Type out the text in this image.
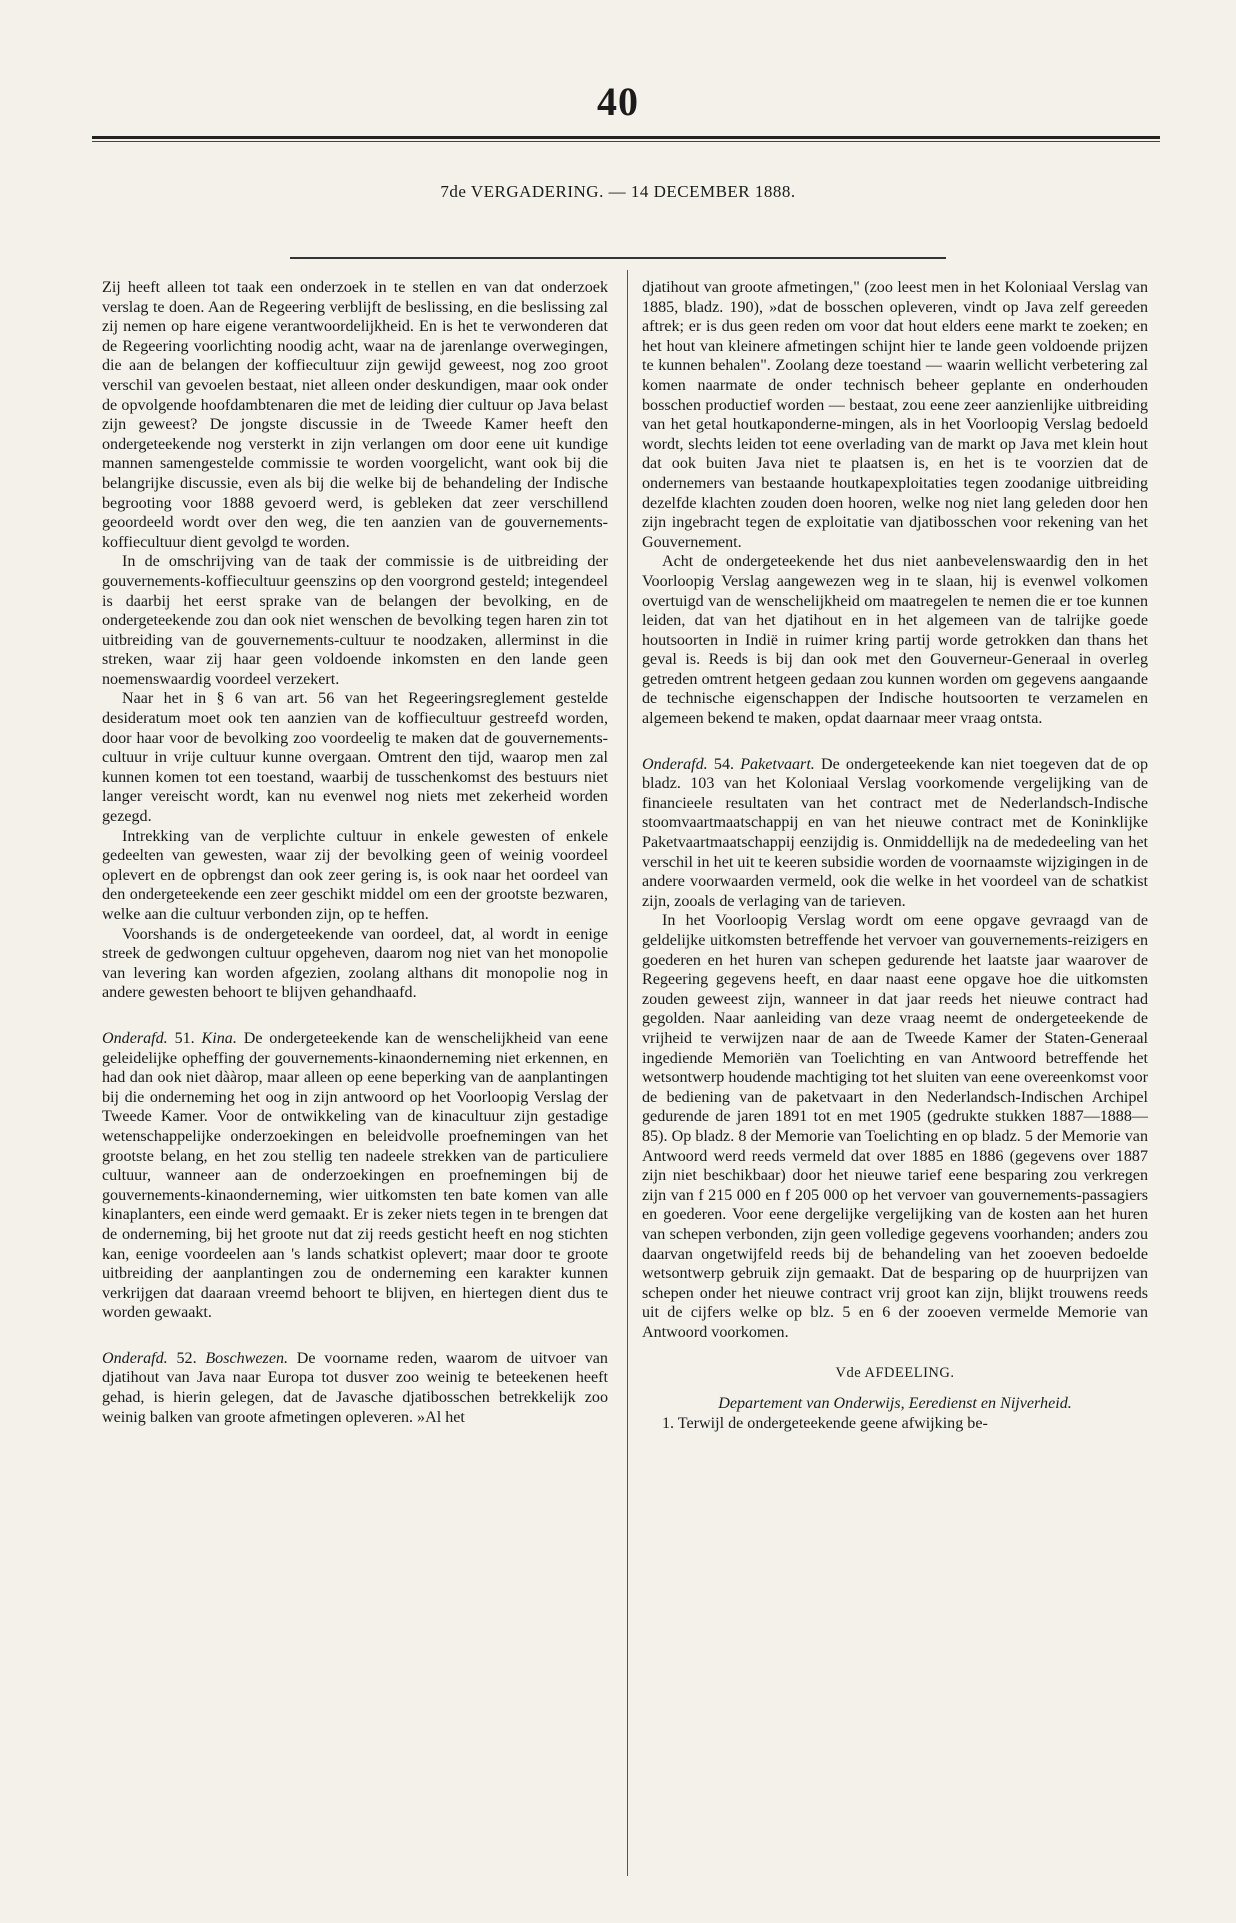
40
7de VERGADERING. — 14 DECEMBER 1888.

Zij heeft alleen tot taak een onderzoek in te stellen en van dat onderzoek verslag te doen. Aan de Regeering verblijft de beslissing, en die beslissing zal zij nemen op hare eigene verantwoordelijkheid. En is het te verwonderen dat de Regeering voorlichting noodig acht, waar na de jarenlange overwegingen, die aan de belangen der koffiecultuur zijn gewijd geweest, nog zoo groot verschil van gevoelen bestaat, niet alleen onder deskundigen, maar ook onder de opvolgende hoofdambtenaren die met de leiding dier cultuur op Java belast zijn geweest? De jongste discussie in de Tweede Kamer heeft den ondergeteekende nog versterkt in zijn verlangen om door eene uit kundige mannen samengestelde commissie te worden voorgelicht, want ook bij die belangrijke discussie, even als bij die welke bij de behandeling der Indische begrooting voor 1888 gevoerd werd, is gebleken dat zeer verschillend geoordeeld wordt over den weg, die ten aanzien van de gouvernements-koffiecultuur dient gevolgd te worden.

In de omschrijving van de taak der commissie is de uitbreiding der gouvernements-koffiecultuur geenszins op den voorgrond gesteld; integendeel is daarbij het eerst sprake van de belangen der bevolking, en de ondergeteekende zou dan ook niet wenschen de bevolking tegen haren zin tot uitbreiding van de gouvernements-cultuur te noodzaken, allerminst in die streken, waar zij haar geen voldoende inkomsten en den lande geen noemenswaardig voordeel verzekert.

Naar het in § 6 van art. 56 van het Regeeringsreglement gestelde desideratum moet ook ten aanzien van de koffiecultuur gestreefd worden, door haar voor de bevolking zoo voordeelig te maken dat de gouvernements-cultuur in vrije cultuur kunne overgaan. Omtrent den tijd, waarop men zal kunnen komen tot een toestand, waarbij de tusschenkomst des bestuurs niet langer vereischt wordt, kan nu evenwel nog niets met zekerheid worden gezegd.

Intrekking van de verplichte cultuur in enkele gewesten of enkele gedeelten van gewesten, waar zij der bevolking geen of weinig voordeel oplevert en de opbrengst dan ook zeer gering is, is ook naar het oordeel van den ondergeteekende een zeer geschikt middel om een der grootste bezwaren, welke aan die cultuur verbonden zijn, op te heffen.

Voorshands is de ondergeteekende van oordeel, dat, al wordt in eenige streek de gedwongen cultuur opgeheven, daarom nog niet van het monopolie van levering kan worden afgezien, zoolang althans dit monopolie nog in andere gewesten behoort te blijven gehandhaafd.

Onderafd. 51. Kina. De ondergeteekende kan de wenschelijkheid van eene geleidelijke opheffing der gouvernements-kinaonderneming niet erkennen, en had dan ook niet dààrop, maar alleen op eene beperking van de aanplantingen bij die onderneming het oog in zijn antwoord op het Voorloopig Verslag der Tweede Kamer. Voor de ontwikkeling van de kinacultuur zijn gestadige wetenschappelijke onderzoekingen en beleidvolle proefnemingen van het grootste belang, en het zou stellig ten nadeele strekken van de particuliere cultuur, wanneer aan de onderzoekingen en proefnemingen bij de gouvernements-kinaonderneming, wier uitkomsten ten bate komen van alle kinaplanters, een einde werd gemaakt. Er is zeker niets tegen in te brengen dat de onderneming, bij het groote nut dat zij reeds gesticht heeft en nog stichten kan, eenige voordeelen aan 's lands schatkist oplevert; maar door te groote uitbreiding der aanplantingen zou de onderneming een karakter kunnen verkrijgen dat daaraan vreemd behoort te blijven, en hiertegen dient dus te worden gewaakt.

Onderafd. 52. Boschwezen. De voorname reden, waarom de uitvoer van djatihout van Java naar Europa tot dusver zoo weinig te beteekenen heeft gehad, is hierin gelegen, dat de Javasche djatibosschen betrekkelijk zoo weinig balken van groote afmetingen opleveren. »Al het

djatihout van groote afmetingen," (zoo leest men in het Koloniaal Verslag van 1885, bladz. 190), »dat de bosschen opleveren, vindt op Java zelf gereeden aftrek; er is dus geen reden om voor dat hout elders eene markt te zoeken; en het hout van kleinere afmetingen schijnt hier te lande geen voldoende prijzen te kunnen behalen". Zoolang deze toestand — waarin wellicht verbetering zal komen naarmate de onder technisch beheer geplante en onderhouden bosschen productief worden — bestaat, zou eene zeer aanzienlijke uitbreiding van het getal houtkaponderne-mingen, als in het Voorloopig Verslag bedoeld wordt, slechts leiden tot eene overlading van de markt op Java met klein hout dat ook buiten Java niet te plaatsen is, en het is te voorzien dat de ondernemers van bestaande houtkapexploitaties tegen zoodanige uitbreiding dezelfde klachten zouden doen hooren, welke nog niet lang geleden door hen zijn ingebracht tegen de exploitatie van djatibosschen voor rekening van het Gouvernement.

Acht de ondergeteekende het dus niet aanbevelenswaardig den in het Voorloopig Verslag aangewezen weg in te slaan, hij is evenwel volkomen overtuigd van de wenschelijkheid om maatregelen te nemen die er toe kunnen leiden, dat van het djatihout en in het algemeen van de talrijke goede houtsoorten in Indië in ruimer kring partij worde getrokken dan thans het geval is. Reeds is bij dan ook met den Gouverneur-Generaal in overleg getreden omtrent hetgeen gedaan zou kunnen worden om gegevens aangaande de technische eigenschappen der Indische houtsoorten te verzamelen en algemeen bekend te maken, opdat daarnaar meer vraag ontsta.

Onderafd. 54. Paketvaart. De ondergeteekende kan niet toegeven dat de op bladz. 103 van het Koloniaal Verslag voorkomende vergelijking van de financieele resultaten van het contract met de Nederlandsch-Indische stoomvaartmaatschappij en van het nieuwe contract met de Koninklijke Paketvaartmaatschappij eenzijdig is. Onmiddellijk na de mededeeling van het verschil in het uit te keeren subsidie worden de voornaamste wijzigingen in de andere voorwaarden vermeld, ook die welke in het voordeel van de schatkist zijn, zooals de verlaging van de tarieven.

In het Voorloopig Verslag wordt om eene opgave gevraagd van de geldelijke uitkomsten betreffende het vervoer van gouvernements-reizigers en goederen en het huren van schepen gedurende het laatste jaar waarover de Regeering gegevens heeft, en daar naast eene opgave hoe die uitkomsten zouden geweest zijn, wanneer in dat jaar reeds het nieuwe contract had gegolden. Naar aanleiding van deze vraag neemt de ondergeteekende de vrijheid te verwijzen naar de aan de Tweede Kamer der Staten-Generaal ingediende Memoriën van Toelichting en van Antwoord betreffende het wetsontwerp houdende machtiging tot het sluiten van eene overeenkomst voor de bediening van de paketvaart in den Nederlandsch-Indischen Archipel gedurende de jaren 1891 tot en met 1905 (gedrukte stukken 1887—1888—85). Op bladz. 8 der Memorie van Toelichting en op bladz. 5 der Memorie van Antwoord werd reeds vermeld dat over 1885 en 1886 (gegevens over 1887 zijn niet beschikbaar) door het nieuwe tarief eene besparing zou verkregen zijn van f 215 000 en f 205 000 op het vervoer van gouvernements-passagiers en goederen. Voor eene dergelijke vergelijking van de kosten aan het huren van schepen verbonden, zijn geen volledige gegevens voorhanden; anders zou daarvan ongetwijfeld reeds bij de behandeling van het zooeven bedoelde wetsontwerp gebruik zijn gemaakt. Dat de besparing op de huurprijzen van schepen onder het nieuwe contract vrij groot kan zijn, blijkt trouwens reeds uit de cijfers welke op blz. 5 en 6 der zooeven vermelde Memorie van Antwoord voorkomen.

Vde AFDEELING.
Departement van Onderwijs, Eeredienst en Nijverheid.

1. Terwijl de ondergeteekende geene afwijking be-
